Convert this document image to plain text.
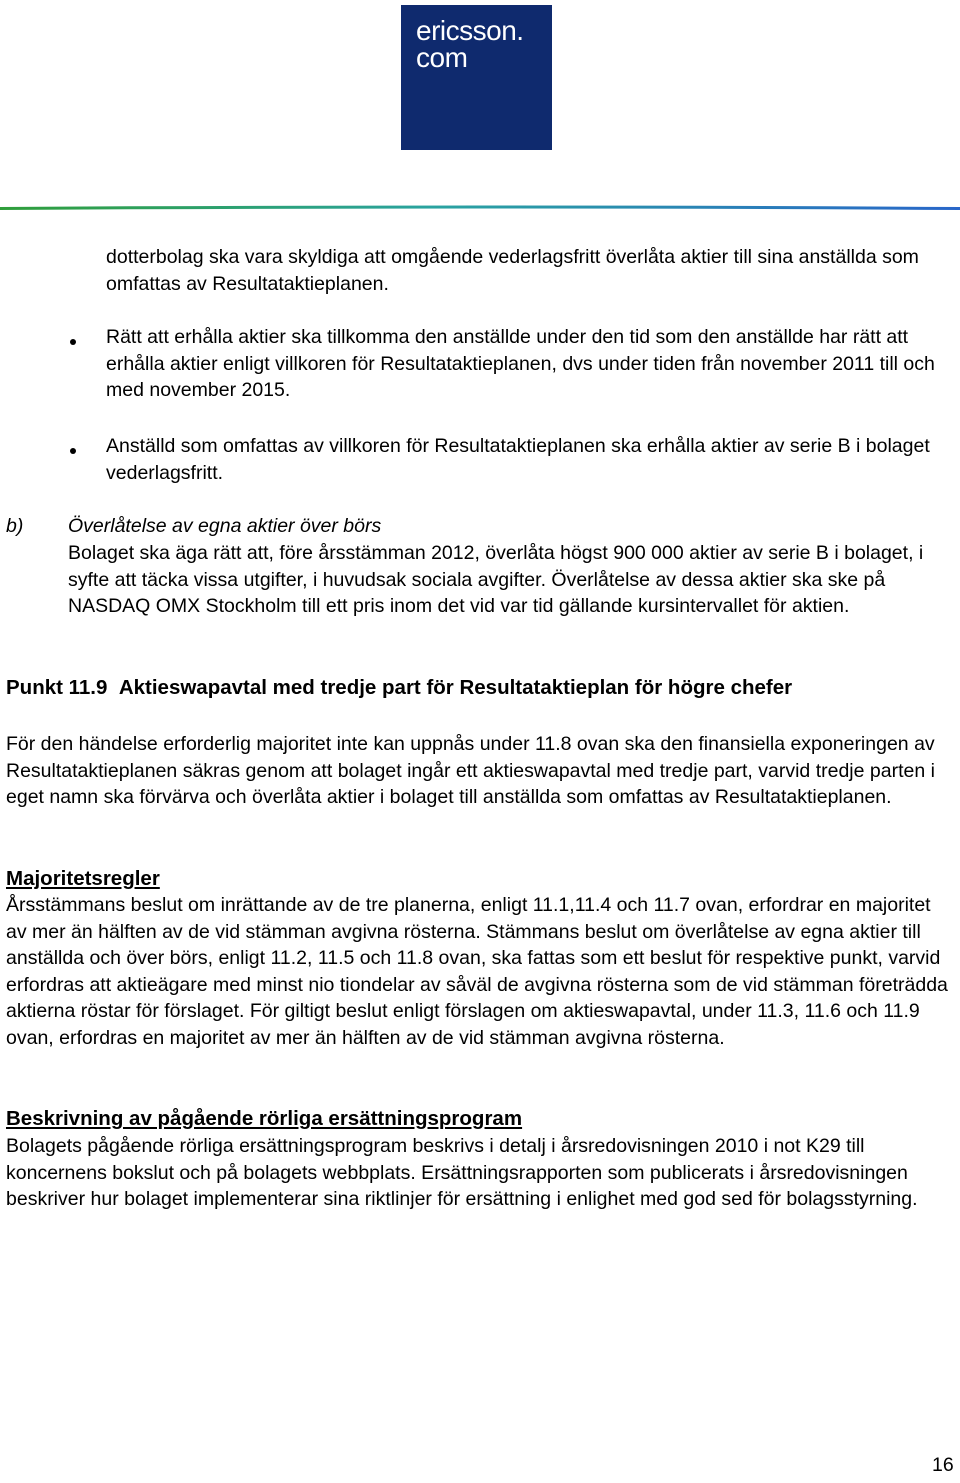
ericsson.
com

dotterbolag ska vara skyldiga att omgående vederlagsfritt överlåta aktier till sina anställda som omfattas av Resultataktieplanen.

Rätt att erhålla aktier ska tillkomma den anställde under den tid som den anställde har rätt att erhålla aktier enligt villkoren för Resultataktieplanen, dvs under tiden från november 2011 till och med november 2015.

Anställd som omfattas av villkoren för Resultataktieplanen ska erhålla aktier av serie B i bolaget vederlagsfritt.

b) Överlåtelse av egna aktier över börs

Bolaget ska äga rätt att, före årsstämman 2012, överlåta högst 900 000 aktier av serie B i bolaget, i syfte att täcka vissa utgifter, i huvudsak sociala avgifter. Överlåtelse av dessa aktier ska ske på NASDAQ OMX Stockholm till ett pris inom det vid var tid gällande kursintervallet för aktien.

Punkt 11.9 Aktieswapavtal med tredje part för Resultataktieplan för högre chefer

För den händelse erforderlig majoritet inte kan uppnås under 11.8 ovan ska den finansiella exponeringen av Resultataktieplanen säkras genom att bolaget ingår ett aktieswapavtal med tredje part, varvid tredje parten i eget namn ska förvärva och överlåta aktier i bolaget till anställda som omfattas av Resultataktieplanen.

Majoritetsregler

Årsstämmans beslut om inrättande av de tre planerna, enligt 11.1,11.4 och 11.7 ovan, erfordrar en majoritet av mer än hälften av de vid stämman avgivna rösterna. Stämmans beslut om överlåtelse av egna aktier till anställda och över börs, enligt 11.2, 11.5 och 11.8 ovan, ska fattas som ett beslut för respektive punkt, varvid erfordras att aktieägare med minst nio tiondelar av såväl de avgivna rösterna som de vid stämman företrädda aktierna röstar för förslaget. För giltigt beslut enligt förslagen om aktieswapavtal, under 11.3, 11.6 och 11.9 ovan, erfordras en majoritet av mer än hälften av de vid stämman avgivna rösterna.

Beskrivning av pågående rörliga ersättningsprogram

Bolagets pågående rörliga ersättningsprogram beskrivs i detalj i årsredovisningen 2010 i not K29 till koncernens bokslut och på bolagets webbplats. Ersättningsrapporten som publicerats i årsredovisningen beskriver hur bolaget implementerar sina riktlinjer för ersättning i enlighet med god sed för bolagsstyrning.

16
